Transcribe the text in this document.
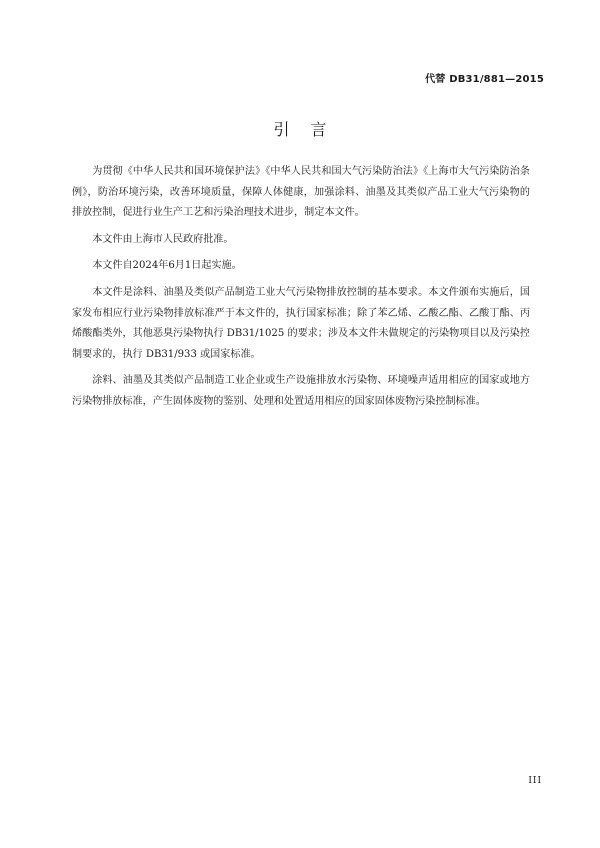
代替 DB31/881—2015
引 言

为贯彻《中华人民共和国环境保护法》《中华人民共和国大气污染防治法》《上海市大气污染防治条例》，防治环境污染，改善环境质量，保障人体健康，加强涂料、油墨及其类似产品工业大气污染物的排放控制，促进行业生产工艺和污染治理技术进步，制定本文件。

本文件由上海市人民政府批准。

本文件自2024年6月1日起实施。

本文件是涂料、油墨及类似产品制造工业大气污染物排放控制的基本要求。本文件颁布实施后，国家发布相应行业污染物排放标准严于本文件的，执行国家标准；除了苯乙烯、乙酸乙酯、乙酸丁酯、丙烯酸酯类外，其他恶臭污染物执行 DB31/1025 的要求；涉及本文件未做规定的污染物项目以及污染控制要求的，执行 DB31/933 或国家标准。

涂料、油墨及其类似产品制造工业企业或生产设施排放水污染物、环境噪声适用相应的国家或地方污染物排放标准，产生固体废物的鉴别、处理和处置适用相应的国家固体废物污染控制标准。

III
